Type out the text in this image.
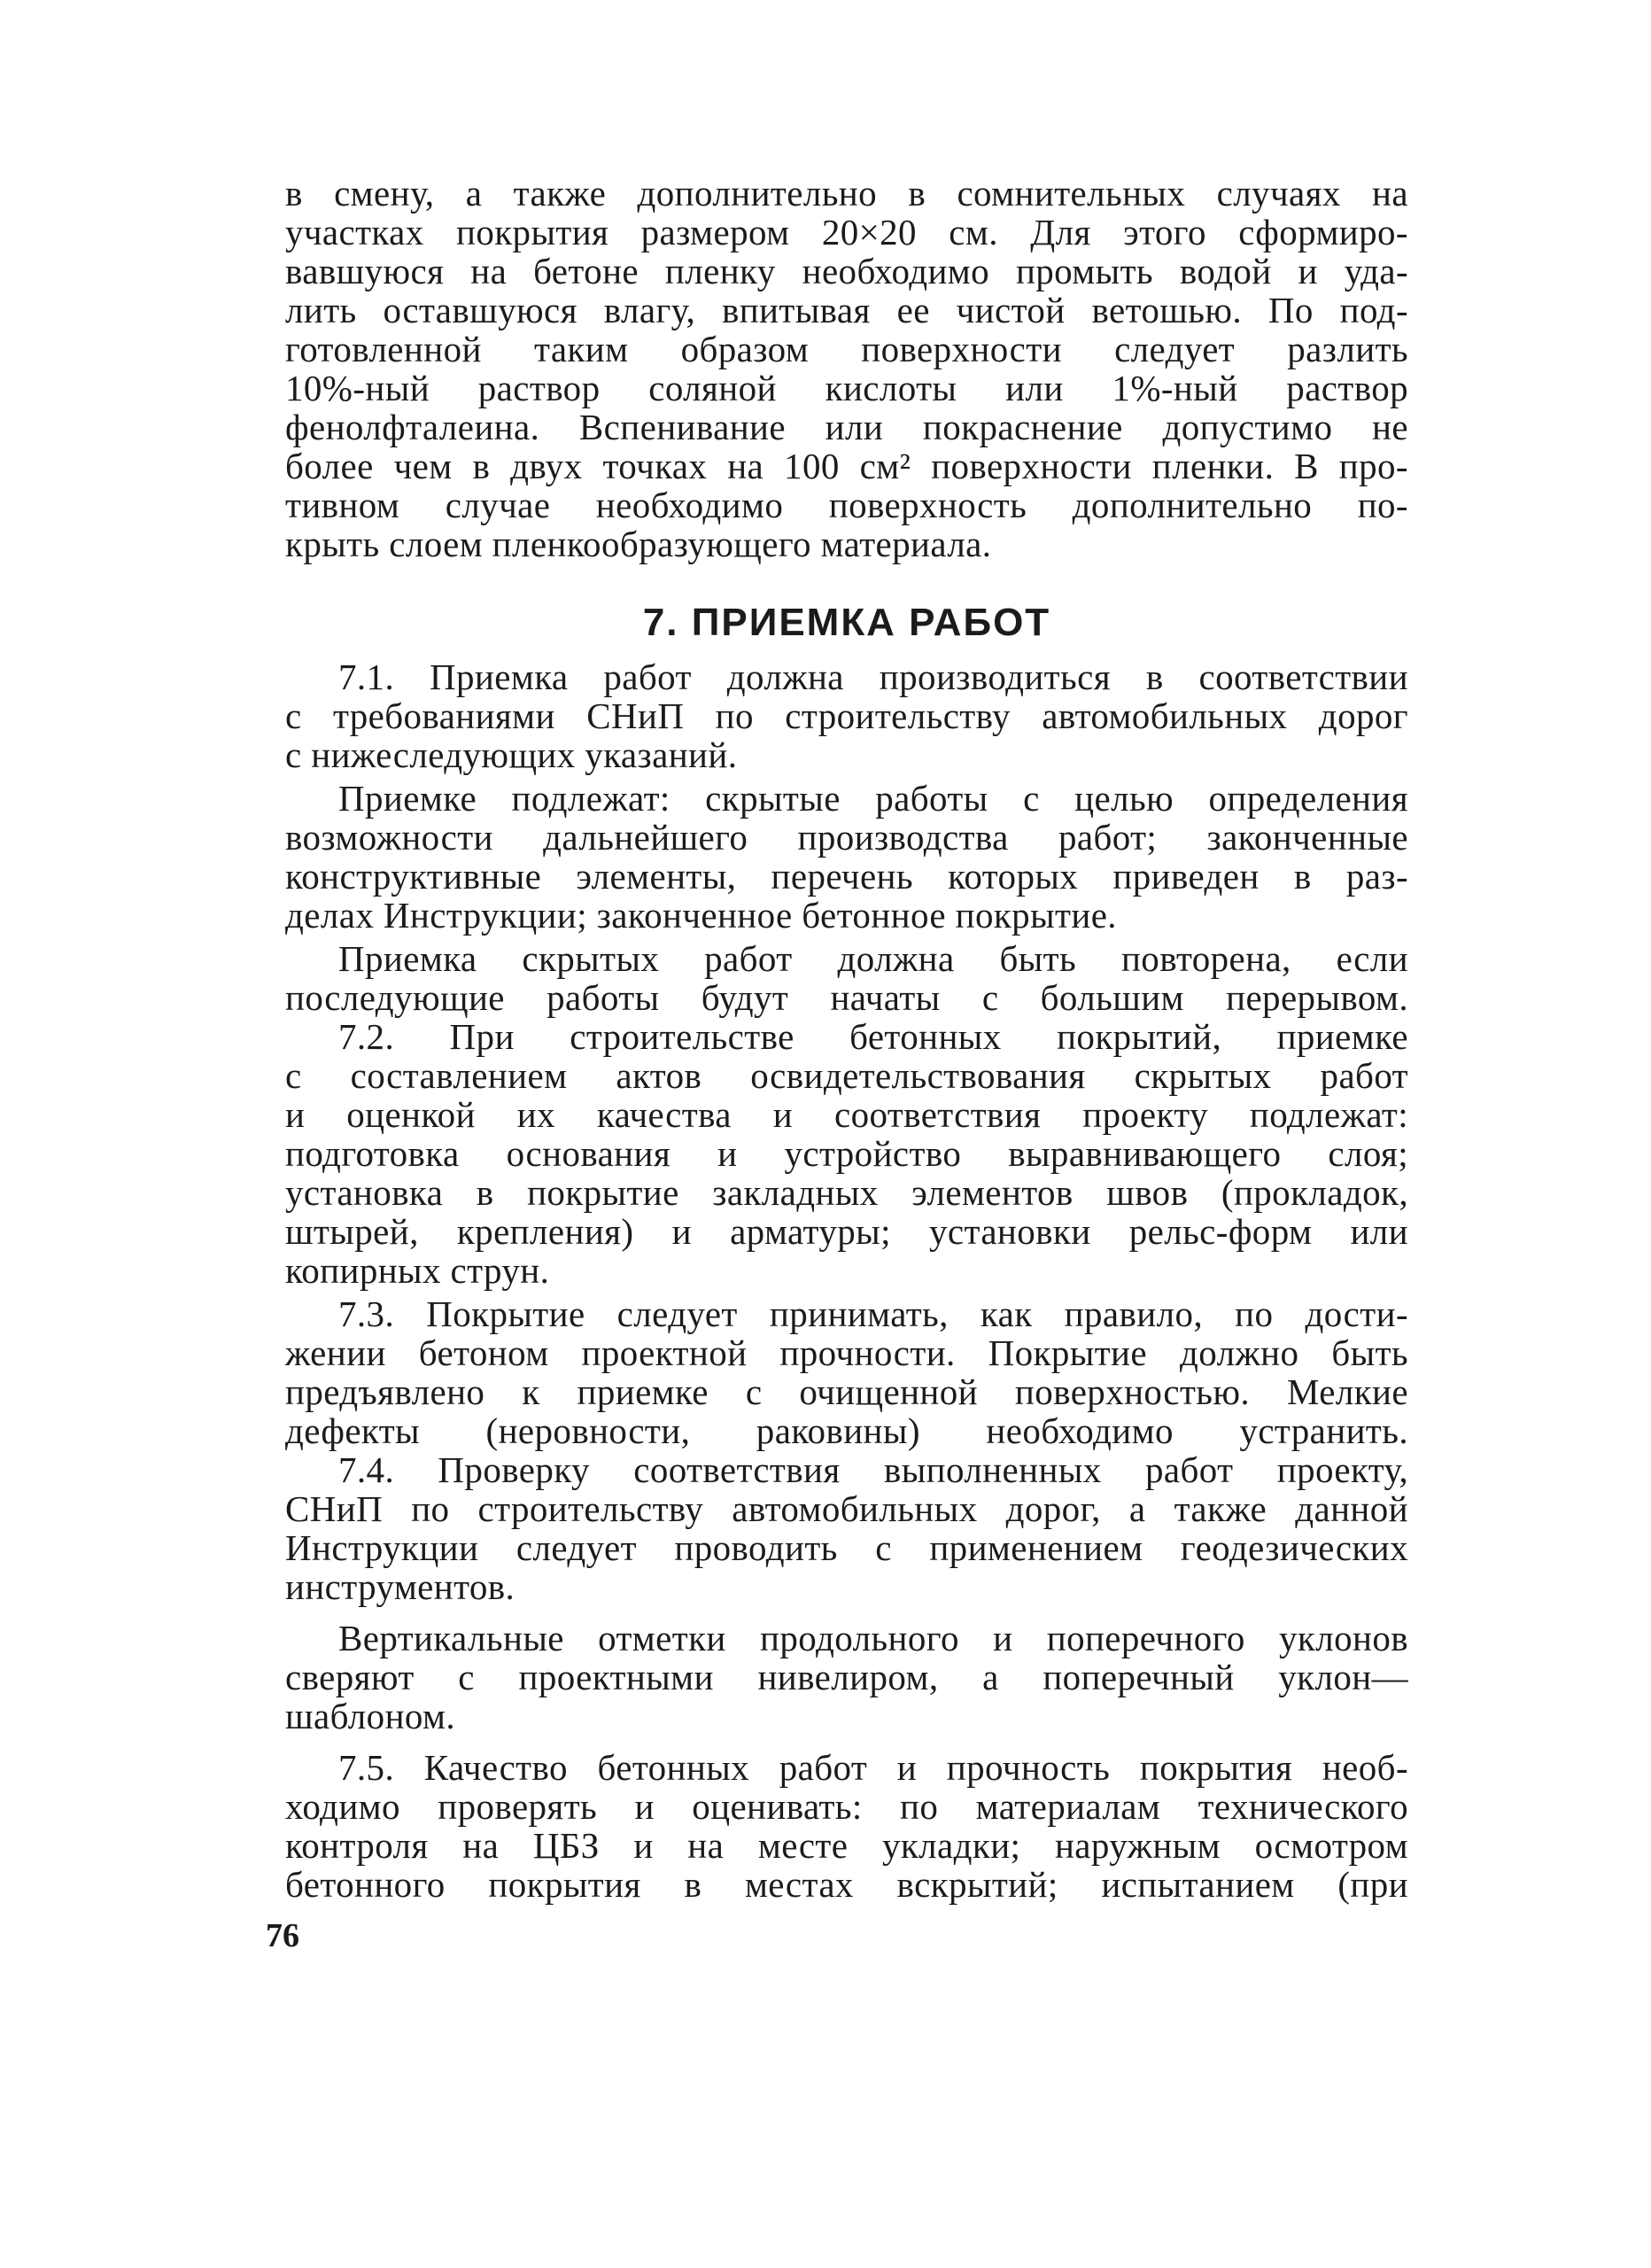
в смену, а также дополнительно в сомнительных случаях на
участках покрытия размером 20×20 см. Для этого сформиро-
вавшуюся на бетоне пленку необходимо промыть водой и уда-
лить оставшуюся влагу, впитывая ее чистой ветошью. По под-
готовленной таким образом поверхности следует разлить
10%-ный раствор соляной кислоты или 1%-ный раствор
фенолфталеина. Вспенивание или покраснение допустимо не
более чем в двух точках на 100 см² поверхности пленки. В про-
тивном случае необходимо поверхность дополнительно по-
крыть слоем пленкообразующего материала.

7. ПРИЕМКА РАБОТ

7.1. Приемка работ должна производиться в соответствии
с требованиями СНиП по строительству автомобильных дорог
с нижеследующих указаний.

Приемке подлежат: скрытые работы с целью определения
возможности дальнейшего производства работ; законченные
конструктивные элементы, перечень которых приведен в раз-
делах Инструкции; законченное бетонное покрытие.

Приемка скрытых работ должна быть повторена, если
последующие работы будут начаты с большим перерывом.

7.2. При строительстве бетонных покрытий, приемке
с составлением актов освидетельствования скрытых работ
и оценкой их качества и соответствия проекту подлежат:
подготовка основания и устройство выравнивающего слоя;
установка в покрытие закладных элементов швов (прокладок,
штырей, крепления) и арматуры; установки рельс-форм или
копирных струн.

7.3. Покрытие следует принимать, как правило, по дости-
жении бетоном проектной прочности. Покрытие должно быть
предъявлено к приемке с очищенной поверхностью. Мелкие
дефекты (неровности, раковины) необходимо устранить.

7.4. Проверку соответствия выполненных работ проекту,
СНиП по строительству автомобильных дорог, а также данной
Инструкции следует проводить с применением геодезических
инструментов.

Вертикальные отметки продольного и поперечного уклонов
сверяют с проектными нивелиром, а поперечный уклон—
шаблоном.

7.5. Качество бетонных работ и прочность покрытия необ-
ходимо проверять и оценивать: по материалам технического
контроля на ЦБЗ и на месте укладки; наружным осмотром
бетонного покрытия в местах вскрытий; испытанием (при

76
